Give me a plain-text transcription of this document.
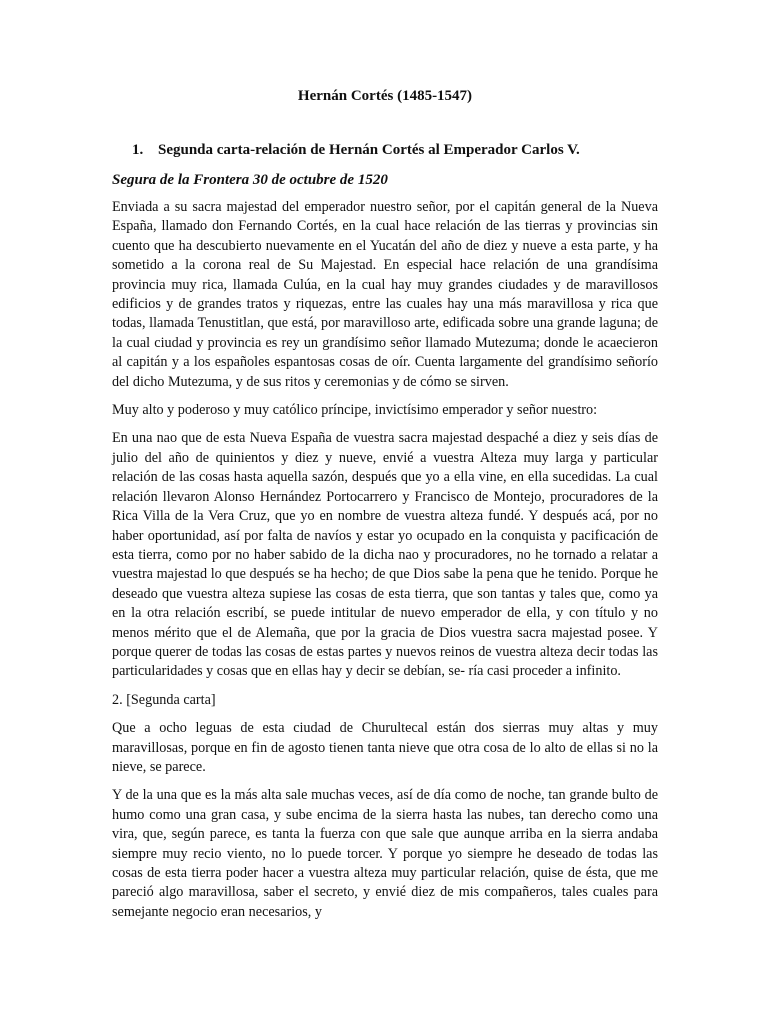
Hernán Cortés (1485-1547)
1. Segunda carta-relación de Hernán Cortés al Emperador Carlos V.
Segura de la Frontera 30 de octubre de 1520

Enviada a su sacra majestad del emperador nuestro señor, por el capitán general de la Nueva España, llamado don Fernando Cortés, en la cual hace relación de las tierras y provincias sin cuento que ha descubierto nuevamente en el Yucatán del año de diez y nueve a esta parte, y ha sometido a la corona real de Su Majestad. En especial hace relación de una grandísima provincia muy rica, llamada Culúa, en la cual hay muy grandes ciudades y de maravillosos edificios y de grandes tratos y riquezas, entre las cuales hay una más maravillosa y rica que todas, llamada Tenustitlan, que está, por maravilloso arte, edificada sobre una grande laguna; de la cual ciudad y provincia es rey un grandísimo señor llamado Mutezuma; donde le acaecieron al capitán y a los españoles espantosas cosas de oír. Cuenta largamente del grandísimo señorío del dicho Mutezuma, y de sus ritos y ceremonias y de cómo se sirven.

Muy alto y poderoso y muy católico príncipe, invictísimo emperador y señor nuestro:

En una nao que de esta Nueva España de vuestra sacra majestad despaché a diez y seis días de julio del año de quinientos y diez y nueve, envié a vuestra Alteza muy larga y particular relación de las cosas hasta aquella sazón, después que yo a ella vine, en ella sucedidas. La cual relación llevaron Alonso Hernández Portocarrero y Francisco de Montejo, procuradores de la Rica Villa de la Vera Cruz, que yo en nombre de vuestra alteza fundé. Y después acá, por no haber oportunidad, así por falta de navíos y estar yo ocupado en la conquista y pacificación de esta tierra, como por no haber sabido de la dicha nao y procuradores, no he tornado a relatar a vuestra majestad lo que después se ha hecho; de que Dios sabe la pena que he tenido. Porque he deseado que vuestra alteza supiese las cosas de esta tierra, que son tantas y tales que, como ya en la otra relación escribí, se puede intitular de nuevo emperador de ella, y con título y no menos mérito que el de Alemaña, que por la gracia de Dios vuestra sacra majestad posee. Y porque querer de todas las cosas de estas partes y nuevos reinos de vuestra alteza decir todas las particularidades y cosas que en ellas hay y decir se debían, se- ría casi proceder a infinito.

2. [Segunda carta]

Que a ocho leguas de esta ciudad de Churultecal están dos sierras muy altas y muy maravillosas, porque en fin de agosto tienen tanta nieve que otra cosa de lo alto de ellas si no la nieve, se parece.

Y de la una que es la más alta sale muchas veces, así de día como de noche, tan grande bulto de humo como una gran casa, y sube encima de la sierra hasta las nubes, tan derecho como una vira, que, según parece, es tanta la fuerza con que sale que aunque arriba en la sierra andaba siempre muy recio viento, no lo puede torcer. Y porque yo siempre he deseado de todas las cosas de esta tierra poder hacer a vuestra alteza muy particular relación, quise de ésta, que me pareció algo maravillosa, saber el secreto, y envié diez de mis compañeros, tales cuales para semejante negocio eran necesarios, y
